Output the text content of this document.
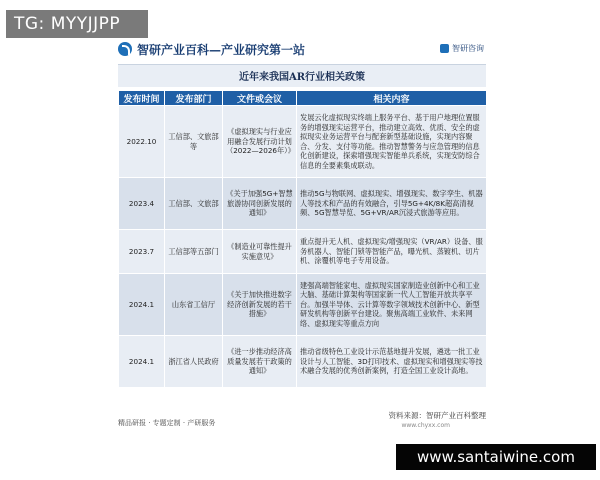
TG: MYYJJPP
智研产业百科—产业研究第一站	智研咨询
近年来我国AR行业相关政策
发布时间	发布部门	文件或会议	相关内容
2022.10	工信部、文旅部等	《虚拟现实与行业应用融合发展行动计划（2022—2026年）》	发展云化虚拟现实终端上服务平台、基于用户地理位置服务的增强现实运营平台，推动建立高效、优质、安全的虚拟现实业务运营平台与配套新型基础设施，实现内容聚合、分发、支付等功能。推动智慧警务与应急管理的信息化创新建设，探索增强现实智能单兵系统，实现安防综合信息的全要素集成联动。
2023.4	工信部、文旅部	《关于加强5G+智慧旅游协同创新发展的通知》	推动5G与物联网、虚拟现实、增强现实、数字孪生、机器人等技术和产品的有效融合，引导5G+4K/8K超高清视频、5G智慧导览、5G+VR/AR沉浸式旅游等应用。
2023.7	工信部等五部门	《制造业可靠性提升实施意见》	重点提升无人机、虚拟现实/增强现实（VR/AR）设备、服务机器人、智能门锁等智能产品，曝光机、蒸镀机、切片机、涂覆机等电子专用设备。
2024.1	山东省工信厅	《关于加快推进数字经济创新发展的若干措施》	建强高端智能家电、虚拟现实国家制造业创新中心和工业大脑、基础计算架构等国家新一代人工智能开放共享平台。加强半导体、云计算等数字领域技术创新中心、新型研发机构等创新平台建设。聚焦高端工业软件、未来网络、虚拟现实等重点方向
2024.1	浙江省人民政府	《进一步推动经济高质量发展若干政策的通知》	推动省级特色工业设计示范基地提升发展，遴选一批工业设计与人工智能、3D打印技术、虚拟现实和增强现实等技术融合发展的优秀创新案例，打造全国工业设计高地。
精品研报 · 专题定制 · 产研服务
资料来源：智研产业百科整理
www.chyxx.com
www.santaiwine.com
